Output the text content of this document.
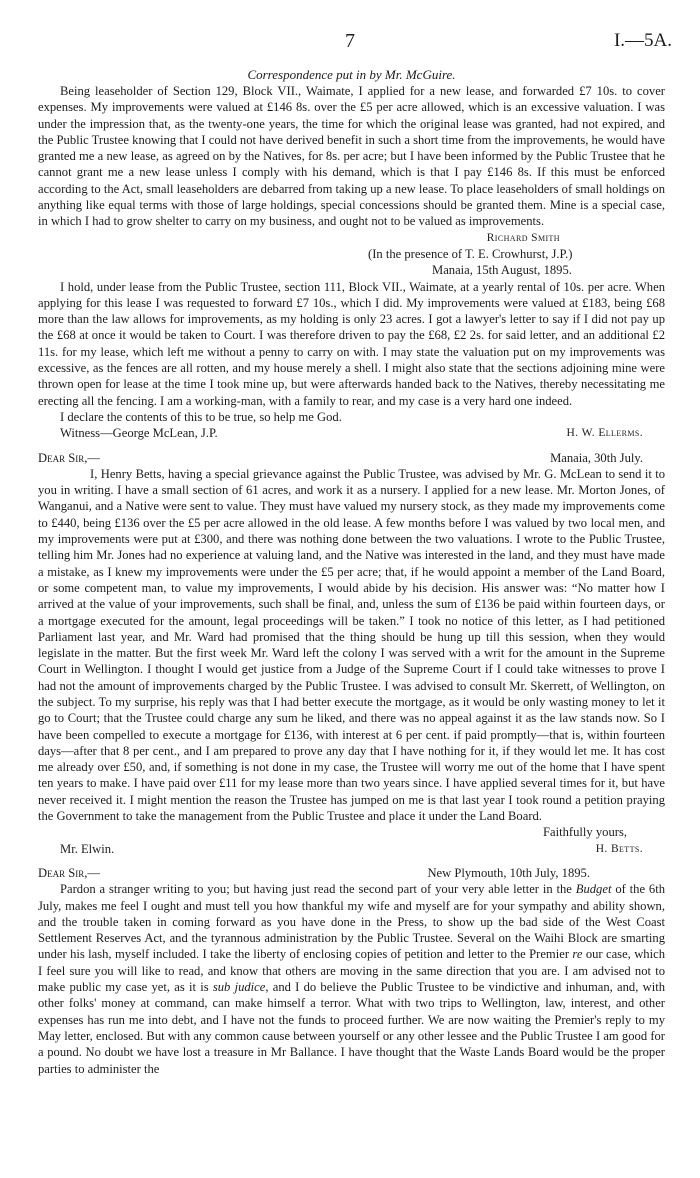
7	I.—5A.

Correspondence put in by Mr. McGuire.

Being leaseholder of Section 129, Block VII., Waimate, I applied for a new lease, and forwarded £7 10s. to cover expenses. My improvements were valued at £146 8s. over the £5 per acre allowed, which is an excessive valuation. I was under the impression that, as the twenty-one years, the time for which the original lease was granted, had not expired, and the Public Trustee knowing that I could not have derived benefit in such a short time from the improvements, he would have granted me a new lease, as agreed on by the Natives, for 8s. per acre; but I have been informed by the Public Trustee that he cannot grant me a new lease unless I comply with his demand, which is that I pay £146 8s. If this must be enforced according to the Act, small leaseholders are debarred from taking up a new lease. To place leaseholders of small holdings on anything like equal terms with those of large holdings, special concessions should be granted them. Mine is a special case, in which I had to grow shelter to carry on my business, and ought not to be valued as improvements.

Richard Smith

(In the presence of T. E. Crowhurst, J.P.)
Manaia, 15th August, 1895.

I hold, under lease from the Public Trustee, section 111, Block VII., Waimate, at a yearly rental of 10s. per acre. When applying for this lease I was requested to forward £7 10s., which I did. My improvements were valued at £183, being £68 more than the law allows for improvements, as my holding is only 23 acres. I got a lawyer's letter to say if I did not pay up the £68 at once it would be taken to Court. I was therefore driven to pay the £68, £2 2s. for said letter, and an additional £2 11s. for my lease, which left me without a penny to carry on with. I may state the valuation put on my improvements was excessive, as the fences are all rotten, and my house merely a shell. I might also state that the sections adjoining mine were thrown open for lease at the time I took mine up, but were afterwards handed back to the Natives, thereby necessitating me erecting all the fencing. I am a working-man, with a family to rear, and my case is a very hard one indeed.

I declare the contents of this to be true, so help me God.

Witness—George McLean, J.P.	H. W. Ellerms.
Dear Sir,—	Manaia, 30th July.

I, Henry Betts, having a special grievance against the Public Trustee, was advised by Mr. G. McLean to send it to you in writing. I have a small section of 61 acres, and work it as a nursery. I applied for a new lease. Mr. Morton Jones, of Wanganui, and a Native were sent to value. They must have valued my nursery stock, as they made my improvements come to £440, being £136 over the £5 per acre allowed in the old lease. A few months before I was valued by two local men, and my improvements were put at £300, and there was nothing done between the two valuations. I wrote to the Public Trustee, telling him Mr. Jones had no experience at valuing land, and the Native was interested in the land, and they must have made a mistake, as I knew my improvements were under the £5 per acre; that, if he would appoint a member of the Land Board, or some competent man, to value my improvements, I would abide by his decision. His answer was: “No matter how I arrived at the value of your improvements, such shall be final, and, unless the sum of £136 be paid within fourteen days, or a mortgage executed for the amount, legal proceedings will be taken.” I took no notice of this letter, as I had petitioned Parliament last year, and Mr. Ward had promised that the thing should be hung up till this session, when they would legislate in the matter. But the first week Mr. Ward left the colony I was served with a writ for the amount in the Supreme Court in Wellington. I thought I would get justice from a Judge of the Supreme Court if I could take witnesses to prove I had not the amount of improvements charged by the Public Trustee. I was advised to consult Mr. Skerrett, of Wellington, on the subject. To my surprise, his reply was that I had better execute the mortgage, as it would be only wasting money to let it go to Court; that the Trustee could charge any sum he liked, and there was no appeal against it as the law stands now. So I have been compelled to execute a mortgage for £136, with interest at 6 per cent. if paid promptly—that is, within fourteen days—after that 8 per cent., and I am prepared to prove any day that I have nothing for it, if they would let me. It has cost me already over £50, and, if something is not done in my case, the Trustee will worry me out of the home that I have spent ten years to make. I have paid over £11 for my lease more than two years since. I have applied several times for it, but have never received it. I might mention the reason the Trustee has jumped on me is that last year I took round a petition praying the Government to take the management from the Public Trustee and place it under the Land Board.

Faithfully yours,

Mr. Elwin.	H. Betts.
Dear Sir,—	New Plymouth, 10th July, 1895.

Pardon a stranger writing to you; but having just read the second part of your very able letter in the Budget of the 6th July, makes me feel I ought and must tell you how thankful my wife and myself are for your sympathy and ability shown, and the trouble taken in coming forward as you have done in the Press, to show up the bad side of the West Coast Settlement Reserves Act, and the tyrannous administration by the Public Trustee. Several on the Waihi Block are smarting under his lash, myself included. I take the liberty of enclosing copies of petition and letter to the Premier re our case, which I feel sure you will like to read, and know that others are moving in the same direction that you are. I am advised not to make public my case yet, as it is sub judice, and I do believe the Public Trustee to be vindictive and inhuman, and, with other folks' money at command, can make himself a terror. What with two trips to Wellington, law, interest, and other expenses has run me into debt, and I have not the funds to proceed further. We are now waiting the Premier's reply to my May letter, enclosed. But with any common cause between yourself or any other lessee and the Public Trustee I am good for a pound. No doubt we have lost a treasure in Mr Ballance. I have thought that the Waste Lands Board would be the proper parties to administer the
